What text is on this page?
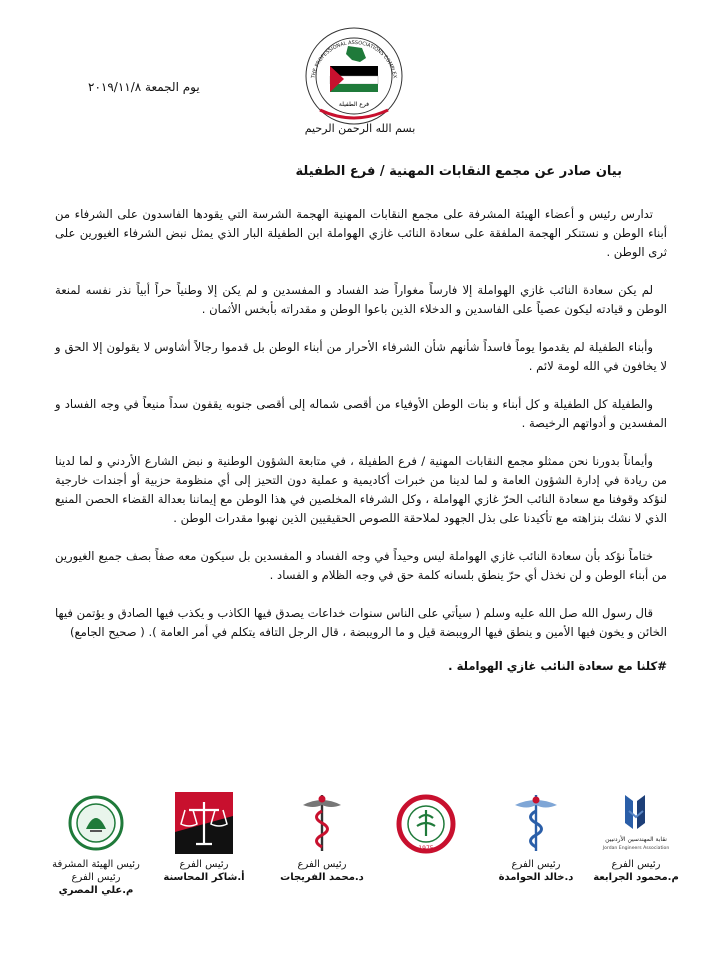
فرع الطفيلة
THE PROFESSIONAL ASSOCIATIONS COMPLEX
يوم الجمعة ٢٠١٩/١١/٨
بسم الله الرحمن الرحيم
بيان صادر عن مجمع النقابات المهنية / فرع الطفيلة

تدارس رئيس و أعضاء الهيئة المشرفة على مجمع النقابات المهنية الهجمة الشرسة التي يقودها الفاسدون على الشرفاء من أبناء الوطن و نستنكر الهجمة الملفقة على سعادة النائب غازي الهواملة ابن الطفيلة البار الذي يمثل نبض الشرفاء الغيورين على ثرى الوطن .

لم يكن سعادة النائب غازي الهواملة إلا فارساً مغواراً ضد الفساد و المفسدين و لم يكن إلا وطنياً حراً أبياً نذر نفسه لمنعة الوطن و قيادته ليكون عصياً على الفاسدين و الدخلاء الذين باعوا الوطن و مقدراته بأبخس الأثمان .

وأبناء الطفيلة لم يقدموا يوماً فاسداً شأنهم شأن الشرفاء الأحرار من أبناء الوطن بل قدموا رجالاً أشاوس لا يقولون إلا الحق و لا يخافون في الله لومة لائم .

والطفيلة كل الطفيلة و كل أبناء و بنات الوطن الأوفياء من أقصى شماله إلى أقصى جنوبه يقفون سداً منيعاً في وجه الفساد و المفسدين و أدواتهم الرخيصة .

وأيماناً بدورنا نحن ممثلو مجمع النقابات المهنية / فرع الطفيلة ، في متابعة الشؤون الوطنية و نبض الشارع الأردني و لما لدينا من ريادة في إدارة الشؤون العامة و لما لدينا من خبرات أكاديمية و عملية دون التحيز إلى أي منظومة حزبية أو أجندات خارجية لنؤكد وقوفنا مع سعادة النائب الحرّ غازي الهواملة ، وكل الشرفاء المخلصين في هذا الوطن مع إيماننا بعدالة القضاء الحصن المنيع الذي لا نشك بنزاهته مع تأكيدنا على بذل الجهود لملاحقة اللصوص الحقيقيين الذين نهبوا مقدرات الوطن .

ختاماً نؤكد بأن سعادة النائب غازي الهواملة ليس وحيداً في وجه الفساد و المفسدين بل سيكون معه صفاً بصف جميع الغيورين من أبناء الوطن و لن نخذل أي حرّ ينطق بلسانه كلمة حق في وجه الظلام و الفساد .

قال رسول الله صل الله عليه وسلم ( سيأتي على الناس سنوات خداعات يصدق فيها الكاذب و يكذب فيها الصادق و يؤتمن فيها الخائن و يخون فيها الأمين و ينطق فيها الرويبضة قيل و ما الرويبضة ، قال الرجل التافه يتكلم في أمر العامة ). ( صحيح الجامع)

#كلنا مع سعادة النائب غازي الهواملة .

رئيس الهيئة المشرفة
رئيس الفرع
م.علي المصري
رئيس الفرع
أ.شاكر المحاسنة
رئيس الفرع
د.محمد الفريجات
1975
رئيس الفرع
د.خالد الحوامدة
نقابة المهندسين الأردنيين
Jordan Engineers Association
رئيس الفرع
م.محمود الجرابعة
